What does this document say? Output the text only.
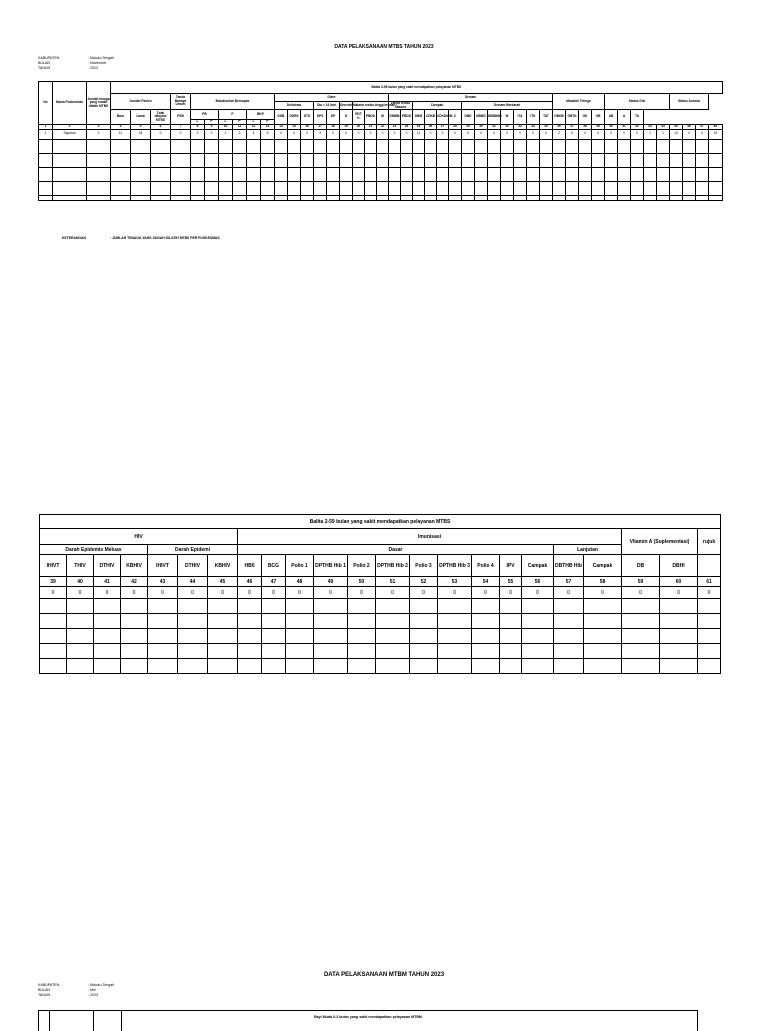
DATA PELAKSANAAN MTBS TAHUN 2023
KABUPATEN	: Maluku Tengah
BULAN	: November
TAHUN	: 2023
No	Nama Puskesmas	Jumlah tenaga yang sudah dilatih MTBS	Balita 2-59 bulan yang sakit mendapatkan pelayanan MTBS																																												
			Jumlah Pasien			Tanda Bahaya Umum	Batuk/sukar Bernapas						Diare									Demam													Masalah Telinga				Status Gizi					Status Anemia			
													Dehidrasi			Dia > 14 hari		Disentri	Malaria resiko tinggi/rendah			Tanpa resiko Malaria		Campak				Demam Berdarah																			
			Baru	Lama	Total dilayani MTBS	PSB	PB		P		BKP		DDB	DDRS	DTD	DPS	DP	D	RDT +/-	PBDD	M	DMBM	PBDD	DBM	CDKB	CDKDM/M	C	DBD	MDBD	DBBDBD	M	ITA	ITK	TAT	GBDB	GBTK	GK	GB	AB	A	TA						
							L	P	L	P	L	P																																			
1	2	3	4	5	6	7	8	9	10	11	12	13	14	15	16	17	18	19	20	21	22	23	24	25	26	27	28	29	30	31	32	33	34	35	36	37	38	39	40	41	42	43	44	45	46	47	48
1	Saparua	0	11	18	0	0	0	0	2	3	4	5	0	0	0	3	0	0	0	0	0	0	0	11	0	0	0	0	0	0	0	0	0	0	2	0	0	0	0	0	0	1	1	14	0	0	19

KETERANGAN	: JUMLAH TENAGA YANG SUDAH DILATIH MTBS PER PUSKESMAS
Balita 2-59 bulan yang sakit mendapatkan pelayanan MTBS																						
HIV							Imunisasi													Vitamin A (Suplementasi)		rujuk
Darah Epidemis Meluas				Darah Epidemi			Dasar											Lanjutan				
IHIVT	THIV	DTHIV	KBHIV	IHIVT	DTHIV	KBHIV	HB0	BCG	Polio 1	DPTHB Hib 1	Polio 2	DPTHB Hib 2	Polio 3	DPTHB Hib 3	Polio 4	IPV	Campak	DBTHB Hib	Campak	DB	DBHI	
39	40	41	42	43	44	45	46	47	48	49	50	51	52	53	54	55	56	57	58	59	60	61
0	0	0	0	0	0	0	0	0	0	0	0	0	0	0	0	0	0	0	0	0	0	0

DATA PELAKSANAAN MTBM TAHUN 2023
KABUPATEN	: Maluku Tengah
BULAN	: Mei
TAHUN	: 2023
Bayi Muda 0-2 bulan yang sakit mendapatkan pelayanan MTBM
